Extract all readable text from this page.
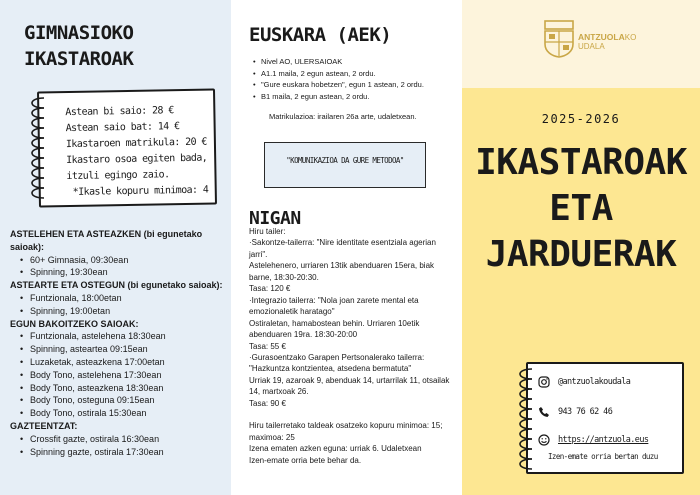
GIMNASIOKO
IKASTAROAK
Astean bi saio: 28 €
Astean saio bat: 14 €
Ikastaroen matrikula: 20 €
Ikastaro osoa egiten bada,
itzuli egingo zaio.
*Ikasle kopuru minimoa: 4
ASTELEHEN ETA ASTEAZKEN (bi egunetako saioak):
• 60+ Gimnasia, 09:30ean
• Spinning, 19:30ean
ASTEARTE ETA OSTEGUN (bi egunetako saioak):
• Funtzionala, 18:00etan
• Spinning, 19:00etan
EGUN BAKOITZEKO SAIOAK:
• Funtzionala, astelehena 18:30ean
• Spinning, asteartea 09:15ean
• Luzaketak, asteazkena 17:00etan
• Body Tono, astelehena 17:30ean
• Body Tono, asteazkena 18:30ean
• Body Tono, osteguna 09:15ean
• Body Tono, ostirala 15:30ean
GAZTEENTZAT:
• Crossfit gazte, ostirala 16:30ean
• Spinning gazte, ostirala 17:30ean
EUSKARA (AEK)
• Nivel AO, ULERSAIOAK
• A1.1 maila, 2 egun astean, 2 ordu.
• "Gure euskara hobetzen", egun 1 astean, 2 ordu.
• B1 maila, 2 egun astean, 2 ordu.
Matrikulazioa: irailaren 26a arte, udaletxean.
"KOMUNIKAZIOA DA GURE METODOA"
NIGAN
Hiru tailer:
·Sakontze-tailerra: "Nire identitate esentziala agerian jarri".
Astelehenero, urriaren 13tik abenduaren 15era, biak barne, 18:30-20:30.
Tasa: 120 €
·Integrazio tailerra: "Nola joan zarete mental eta emozionaletik haratago"
Ostiraletan, hamabostean behin. Urriaren 10etik abenduaren 19ra. 18:30-20:00
Tasa: 55 €
·Gurasoentzako Garapen Pertsonalerako tailerra: "Hazkuntza kontzientea, atsedena bermatuta"
Urriak 19, azaroak 9, abenduak 14, urtarrilak 11, otsailak 14, martxoak 26.
Tasa: 90 €
Hiru tailerretako taldeak osatzeko kopuru minimoa: 15; maximoa: 25
Izena ematen azken eguna: urriak 6. Udaletxean
Izen-emate orria bete behar da.
ANTZUOLAKO
UDALA
2025-2026
IKASTAROAK
ETA
JARDUERAK
@antzuolakoudala
943 76 62 46
https://antzuola.eus
Izen-emate orria bertan duzu
